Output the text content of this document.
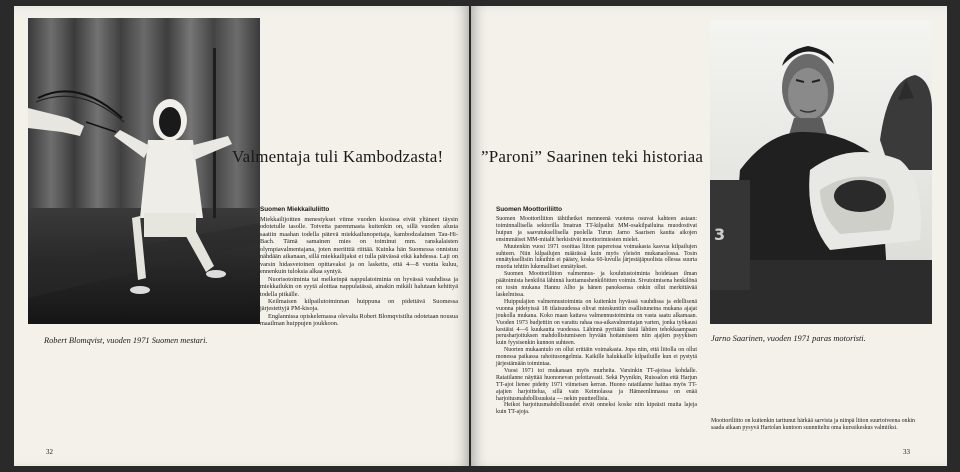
Robert Blomqvist, vuoden 1971 Suomen mestari.

Valmentaja tuli Kambodzasta!
Suomen Miekkailuliitto

Miekkailijoitten menestykset viime vuoden kisoissa eivät yltäneet täysin odotetulle tasolle. Toivetta paremmasta kuitenkin on, sillä vuoden alusta saatiin maahan todella pätevä miekkailunopettaja, kambodzalainen Tau-Hi-Bach. Tämä samainen mies on toiminut mm. ranskalaisten olympiavalmentajana, joten meriittiä riittää. Kuinka hän Suomessa onnistuu nähdään aikanaan, sillä miekkailijaksi ei tulla päivässä eikä kahdessa. Laji on varsin hidasvetoinen opittavaksi ja on laskettu, että 4—8 vuotta kuluu, ennenkuin tuloksia alkaa syntyä.

Nuorisotoiminta tai melkeinpä nappulatoiminta on hyvässä vauhdissa ja miekkailukin on syytä aloittaa nappulaiässä, ainakin mikäli halutaan kehittyä todella pitkälle.

Keilmaisen kilpailutoiminnan huippuna on pidettävä Suomessa järjestettyjä PM-kisoja.

Englannissa opiskelemassa olevalta Robert Blomqvistilta odotetaan nousua maailman huippujen joukkoon.

32
”Paroni” Saarinen teki historiaa
Suomen Moottoriliitto

Suomen Moottoriliiton tähtihetket menneenä vuotena osuvat kahteen asiaan: toiminnallisella sektorilla Imatran TT-kilpailut MM-osakilpailuina muodostivat huipun ja saavutuksellisella puolella Turun Jarno Saarisen kautta aikojen ensimmäiset MM-mitalit herkistivät moottorimiesten mielet.

Muutenkin vuosi 1971 osoittaa liiton papereissa voimakasta kasvua kilpailujen suhteen. Niin kilpailujen määrässä kuin myös yleisön mukanaolossa. Tosin ennätyksellisiin lukuihin ei päästy, koska 60-luvulla järjestäjäpuolista ollessa suurta muotia tehtiin lukemalliset ennätykset.

Suomen Moottoriliiton valmennus- ja koulutustoiminta hoidetaan ilman päätoimista henkilöä lähinnä luottamushenkilöitten voimin. Sivutoimisena henkilönä on tosin mukana Hannu Alho ja hänen panoksensa onkin ollut merkittävää laskelmissa.

Huippulajien valmennustoiminta on kuitenkin hyvässä vauhdissa ja edellisenä vuonna pidetyissä 18 tilaisuudessa olivat mieskuntiin osallistuneina mukana ajajat joukolla mukana. Koko maan kattava valmennustoiminta on vasta saatu alkamaan. Vuoden 1973 budjettiin on varattu rahaa osa-aikavalmentajan varten, jonka työkausi kestäisi 4—6 kuukautta vuodessa. Lähinnä pyritään tästä lähtien tehokkaampaan perusharjoituksen mahdollistumiseen hyvään hoitamiseen niin ajajien psyykisen kuin fyysisenkin kunnon suhteen.

Nuorten mukaantulo on ollut erittäin voimakasta. Jopa niin, että liitolla on ollut monessa paikassa rahoitusongelmia. Kaikille halukkaille kilpailuille kun ei pystytä järjestämään toimintaa.

Vuosi 1971 toi mukanaan myös murheita. Varsinkin TT-ajoissa kohdalle. Ratatilanne näyttää huononevan pelottavasti. Sekä Pyynikin, Ruissalon että Harjun TT-ajot lienee pidetty 1971 viimeisen kerran. Huono ratatilanne haittaa myös TT-ajajien harjoittelua, sillä vain Keimolassa ja Hämeenlinnassa on enää harjoitusmahdollisuuksia — nekin puutteellisia.

Heikot harjoitusmahdollisuudet eivät onneksi koske niin kipeästi muita lajeja kuin TT-ajoja.

3

Jarno Saarinen, vuoden 1971 paras motoristi.

Moottoriliitto on kuitenkin tarttunut härkää sarvista ja niinpä liiton suurtoiveena onkin saada aikaan pysyvä Hartolan kuntoon suunniteltu oma kurssikeskus valmiiksi.
33
